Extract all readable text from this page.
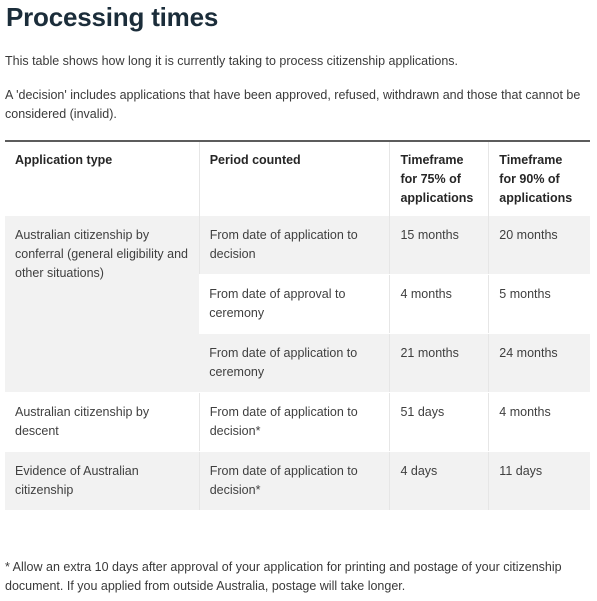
Processing times

This table shows how long it is currently taking to process citizenship applications.

A 'decision' includes applications that have been approved, refused, withdrawn and those that cannot be considered (invalid).

Application type	Period counted	Timeframe for 75% of applications	Timeframe for 90% of applications
Australian citizenship by conferral (general eligibility and other situations)	From date of application to decision	15 months	20 months
	From date of approval to ceremony	4 months	5 months
	From date of application to ceremony	21 months	24 months
Australian citizenship by descent	From date of application to decision*	51 days	4 months
Evidence of Australian citizenship	From date of application to decision*	4 days	11 days

* Allow an extra 10 days after approval of your application for printing and postage of your citizenship document. If you applied from outside Australia, postage will take longer.
